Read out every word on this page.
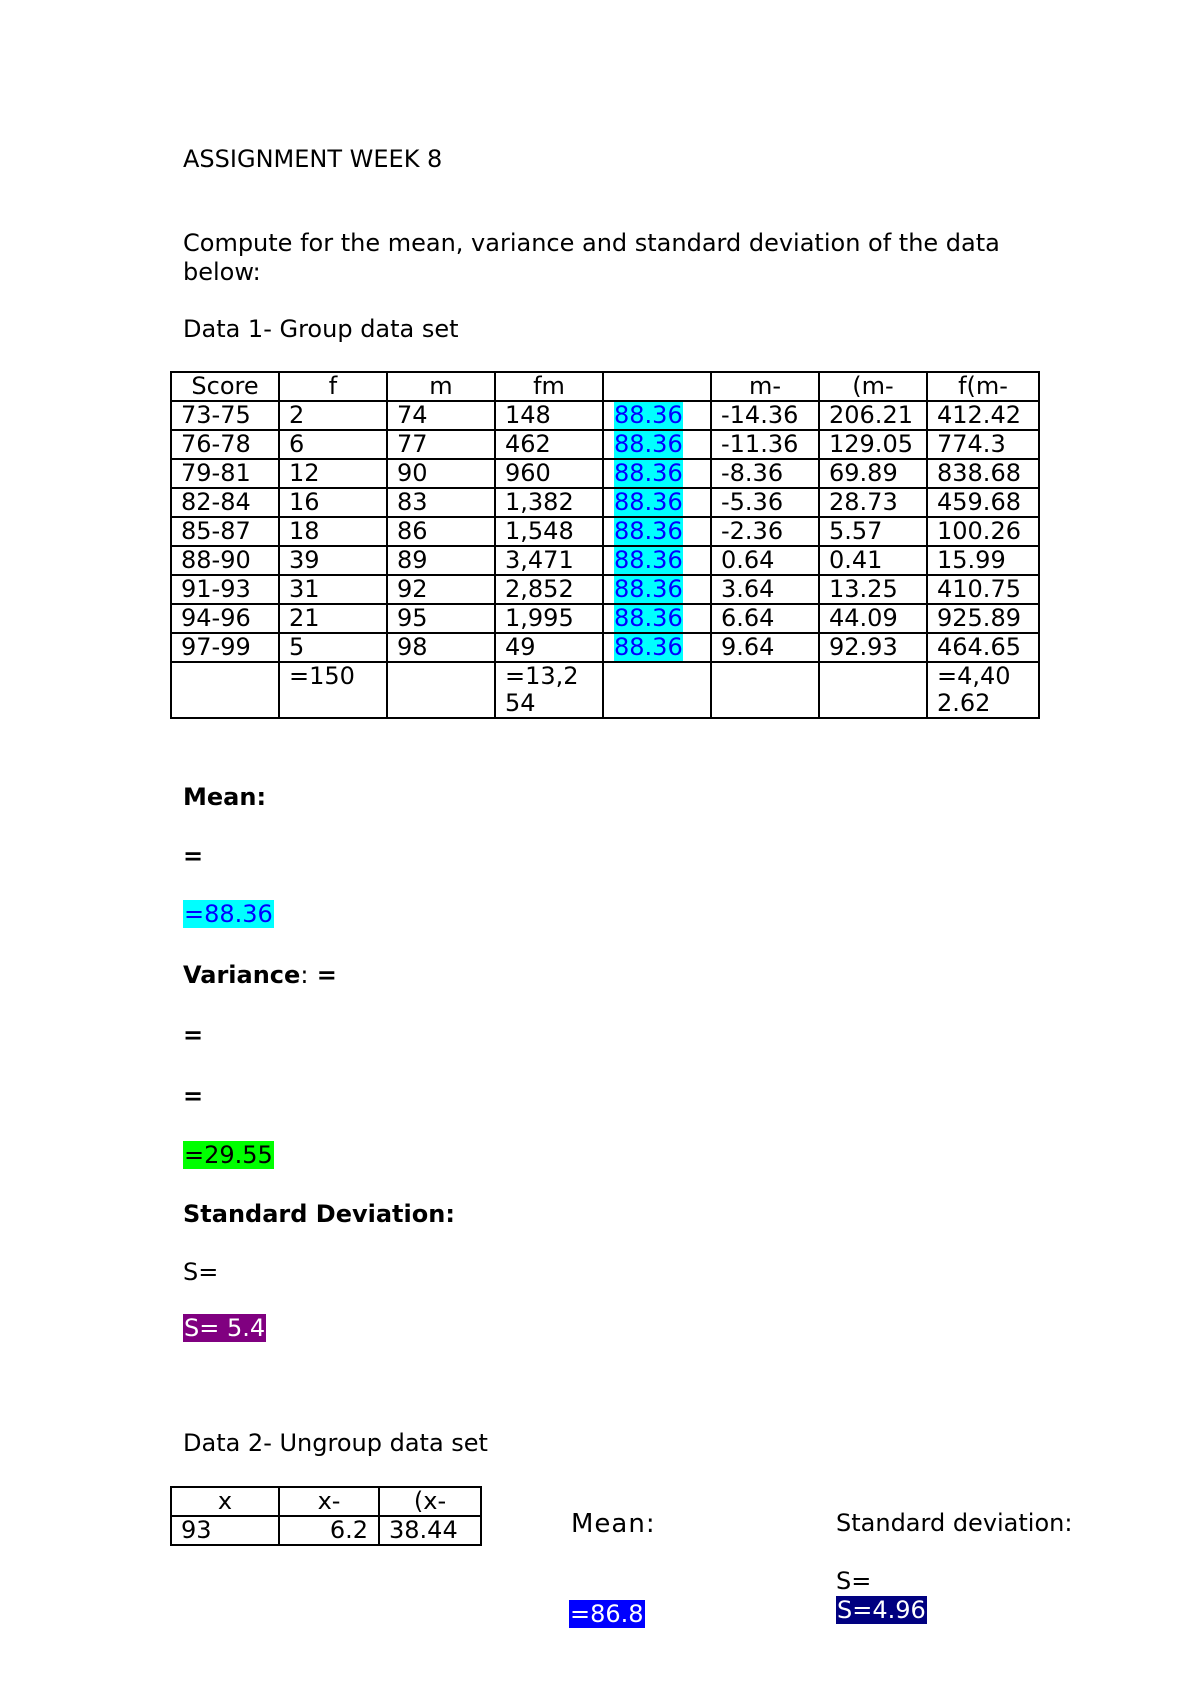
ASSIGNMENT WEEK 8
Compute for the mean, variance and standard deviation of the data below:
Data 1- Group data set
Score	f	m	fm		m-	(m-	f(m-
73-75	2	74	148	88.36	-14.36	206.21	412.42
76-78	6	77	462	88.36	-11.36	129.05	774.3
79-81	12	90	960	88.36	-8.36	69.89	838.68
82-84	16	83	1,382	88.36	-5.36	28.73	459.68
85-87	18	86	1,548	88.36	-2.36	5.57	100.26
88-90	39	89	3,471	88.36	0.64	0.41	15.99
91-93	31	92	2,852	88.36	3.64	13.25	410.75
94-96	21	95	1,995	88.36	6.64	44.09	925.89
97-99	5	98	49	88.36	9.64	92.93	464.65
	=150		=13,2 54				=4,40 2.62
Mean:
=
=88.36
Variance: =
=
=
=29.55
Standard Deviation:
S=
S= 5.4
Data 2- Ungroup data set
x	x-	(x-
93	6.2	38.44	Mean:
=86.8
Standard deviation:
S=
S=4.96
